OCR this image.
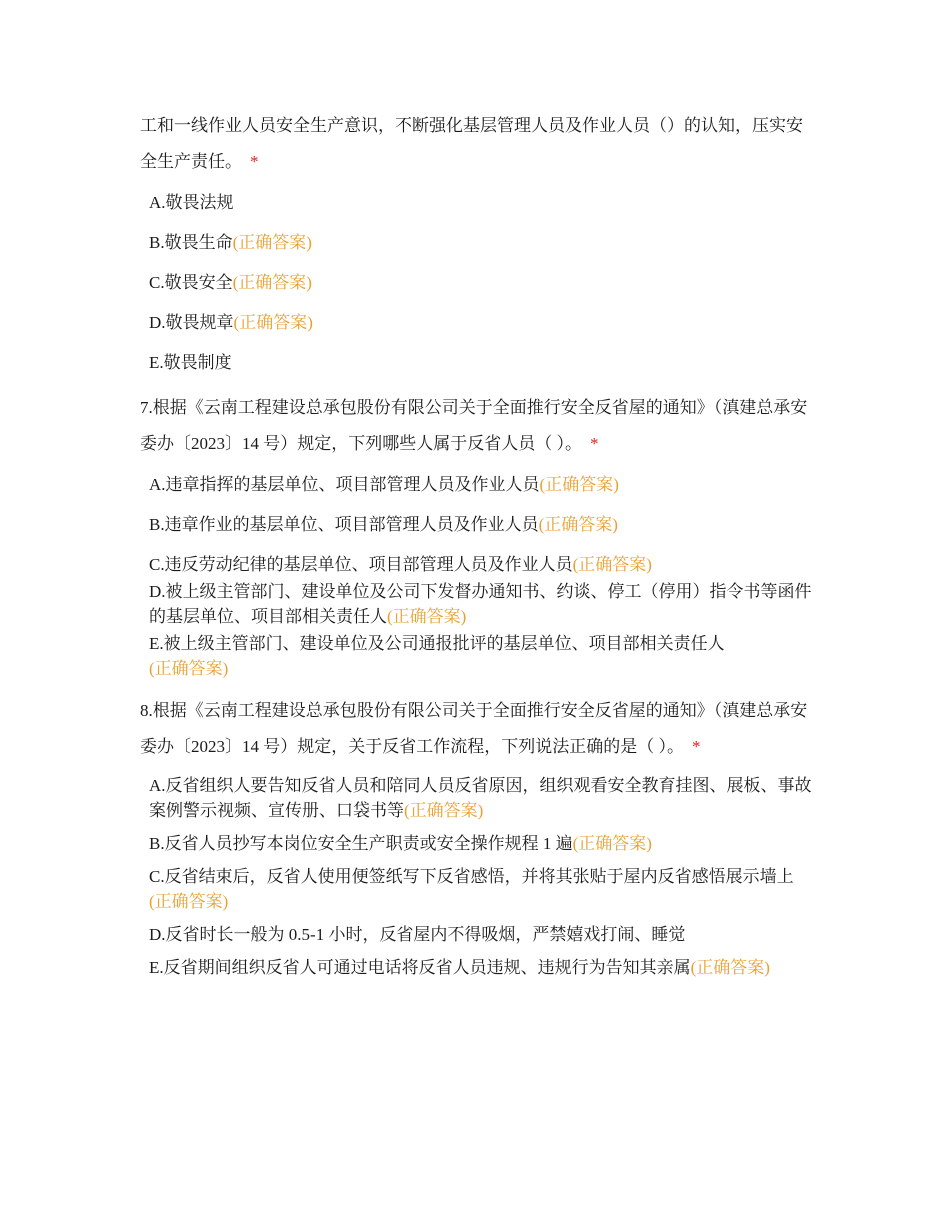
工和一线作业人员安全生产意识，不断强化基层管理人员及作业人员（）的认知，压实安全生产责任。 *

A.敬畏法规

B.敬畏生命(正确答案)

C.敬畏安全(正确答案)

D.敬畏规章(正确答案)

E.敬畏制度

7.根据《云南工程建设总承包股份有限公司关于全面推行安全反省屋的通知》（滇建总承安委办〔2023〕14 号）规定，下列哪些人属于反省人员（ ）。 *

A.违章指挥的基层单位、项目部管理人员及作业人员(正确答案)

B.违章作业的基层单位、项目部管理人员及作业人员(正确答案)

C.违反劳动纪律的基层单位、项目部管理人员及作业人员(正确答案)

D.被上级主管部门、建设单位及公司下发督办通知书、约谈、停工（停用）指令书等函件的基层单位、项目部相关责任人(正确答案)

E.被上级主管部门、建设单位及公司通报批评的基层单位、项目部相关责任人
(正确答案)

8.根据《云南工程建设总承包股份有限公司关于全面推行安全反省屋的通知》（滇建总承安委办〔2023〕14 号）规定，关于反省工作流程，下列说法正确的是（ ）。 *

A.反省组织人要告知反省人员和陪同人员反省原因，组织观看安全教育挂图、展板、事故案例警示视频、宣传册、口袋书等(正确答案)

B.反省人员抄写本岗位安全生产职责或安全操作规程 1 遍(正确答案)

C.反省结束后，反省人使用便签纸写下反省感悟，并将其张贴于屋内反省感悟展示墙上(正确答案)

D.反省时长一般为 0.5-1 小时，反省屋内不得吸烟，严禁嬉戏打闹、睡觉

E.反省期间组织反省人可通过电话将反省人员违规、违规行为告知其亲属(正确答案)
